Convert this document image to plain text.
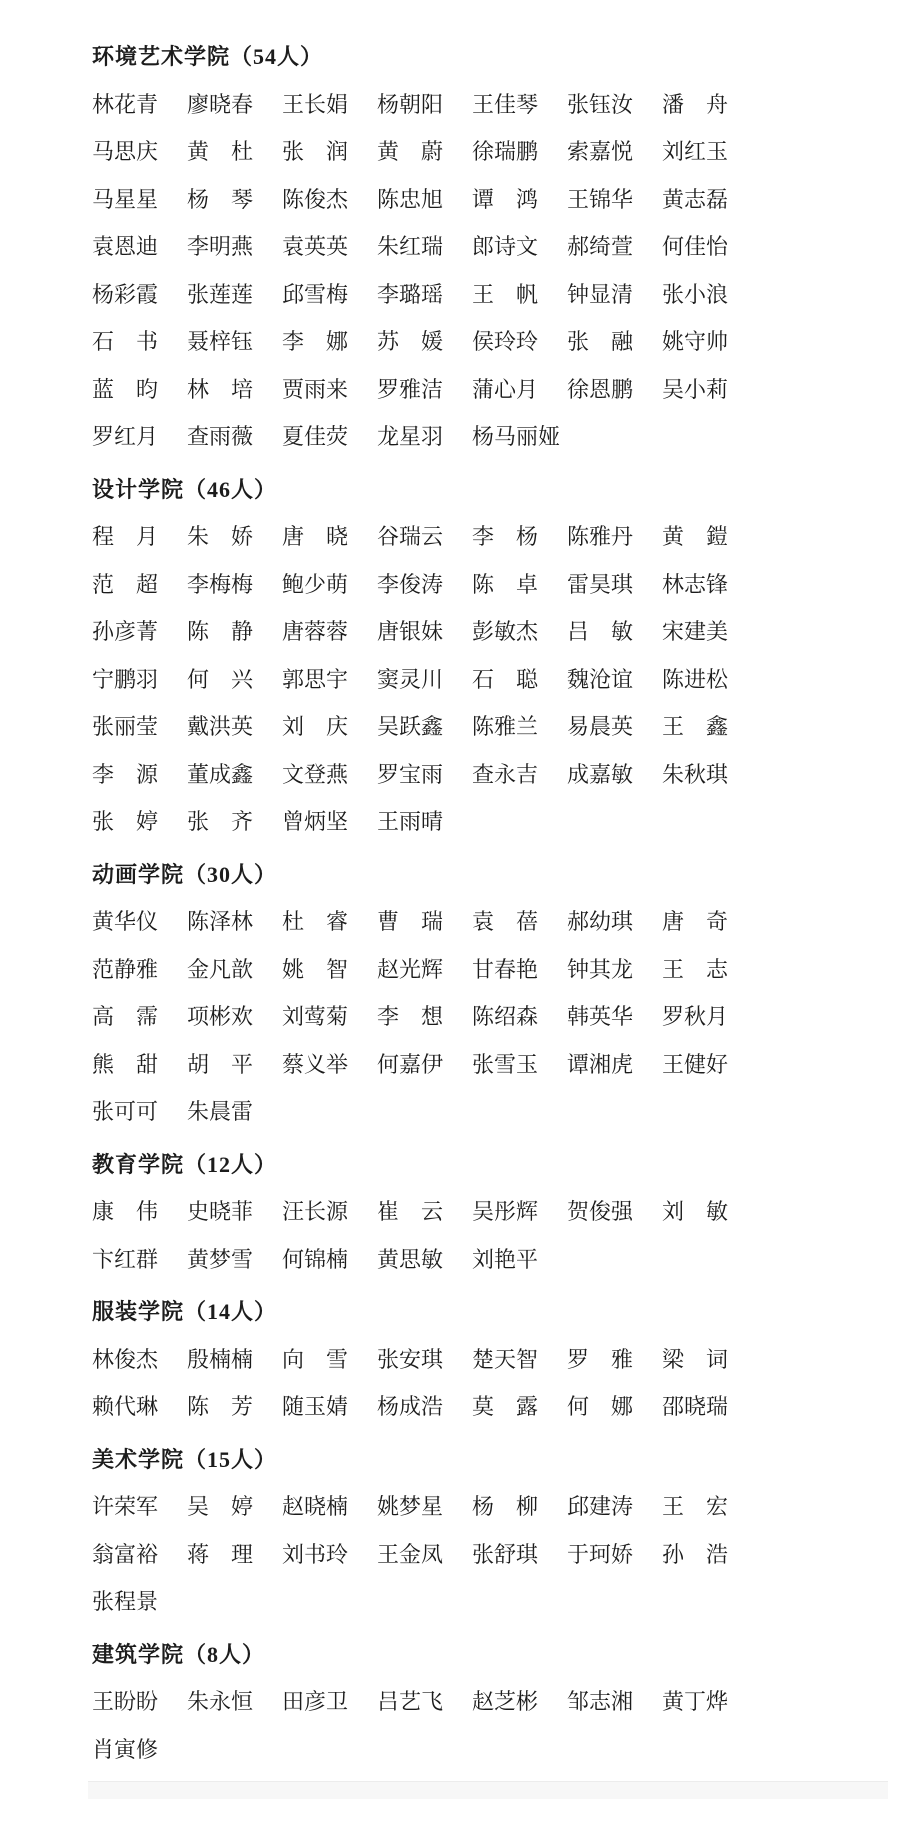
环境艺术学院（54人）
林花青 廖晓春 王长娟 杨朝阳 王佳琴 张钰汝 潘 舟
马思庆 黄 杜 张 润 黄 蔚 徐瑞鹏 索嘉悦 刘红玉
马星星 杨 琴 陈俊杰 陈忠旭 谭 鸿 王锦华 黄志磊
袁恩迪 李明燕 袁英英 朱红瑞 郎诗文 郝绮萱 何佳怡
杨彩霞 张莲莲 邱雪梅 李璐瑶 王 帆 钟显清 张小浪
石 书 聂梓钰 李 娜 苏 媛 侯玲玲 张 融 姚守帅
蓝 昀 林 培 贾雨来 罗雅洁 蒲心月 徐恩鹏 吴小莉
罗红月 查雨薇 夏佳荧 龙星羽 杨马丽娅
设计学院（46人）
程 月 朱 娇 唐 晓 谷瑞云 李 杨 陈雅丹 黄 鎧
范 超 李梅梅 鲍少萌 李俊涛 陈 卓 雷昊琪 林志锋
孙彦菁 陈 静 唐蓉蓉 唐银妹 彭敏杰 吕 敏 宋建美
宁鹏羽 何 兴 郭思宇 窦灵川 石 聪 魏沧谊 陈进松
张丽莹 戴洪英 刘 庆 吴跃鑫 陈雅兰 易晨英 王 鑫
李 源 董成鑫 文登燕 罗宝雨 查永吉 成嘉敏 朱秋琪
张 婷 张 齐 曾炳坚 王雨晴
动画学院（30人）
黄华仪 陈泽林 杜 睿 曹 瑞 袁 蓓 郝幼琪 唐 奇
范静雅 金凡歆 姚 智 赵光辉 甘春艳 钟其龙 王 志
高 霈 项彬欢 刘莺菊 李 想 陈绍森 韩英华 罗秋月
熊 甜 胡 平 蔡义举 何嘉伊 张雪玉 谭湘虎 王健好
张可可 朱晨雷
教育学院（12人）
康 伟 史晓菲 汪长源 崔 云 吴彤辉 贺俊强 刘 敏
卞红群 黄梦雪 何锦楠 黄思敏 刘艳平
服装学院（14人）
林俊杰 殷楠楠 向 雪 张安琪 楚天智 罗 雅 梁 词
赖代琳 陈 芳 随玉婧 杨成浩 莫 露 何 娜 邵晓瑞
美术学院（15人）
许荣军 吴 婷 赵晓楠 姚梦星 杨 柳 邱建涛 王 宏
翁富裕 蒋 理 刘书玲 王金凤 张舒琪 于珂娇 孙 浩
张程景
建筑学院（8人）
王盼盼 朱永恒 田彦卫 吕艺飞 赵芝彬 邹志湘 黄丁烨
肖寅修
